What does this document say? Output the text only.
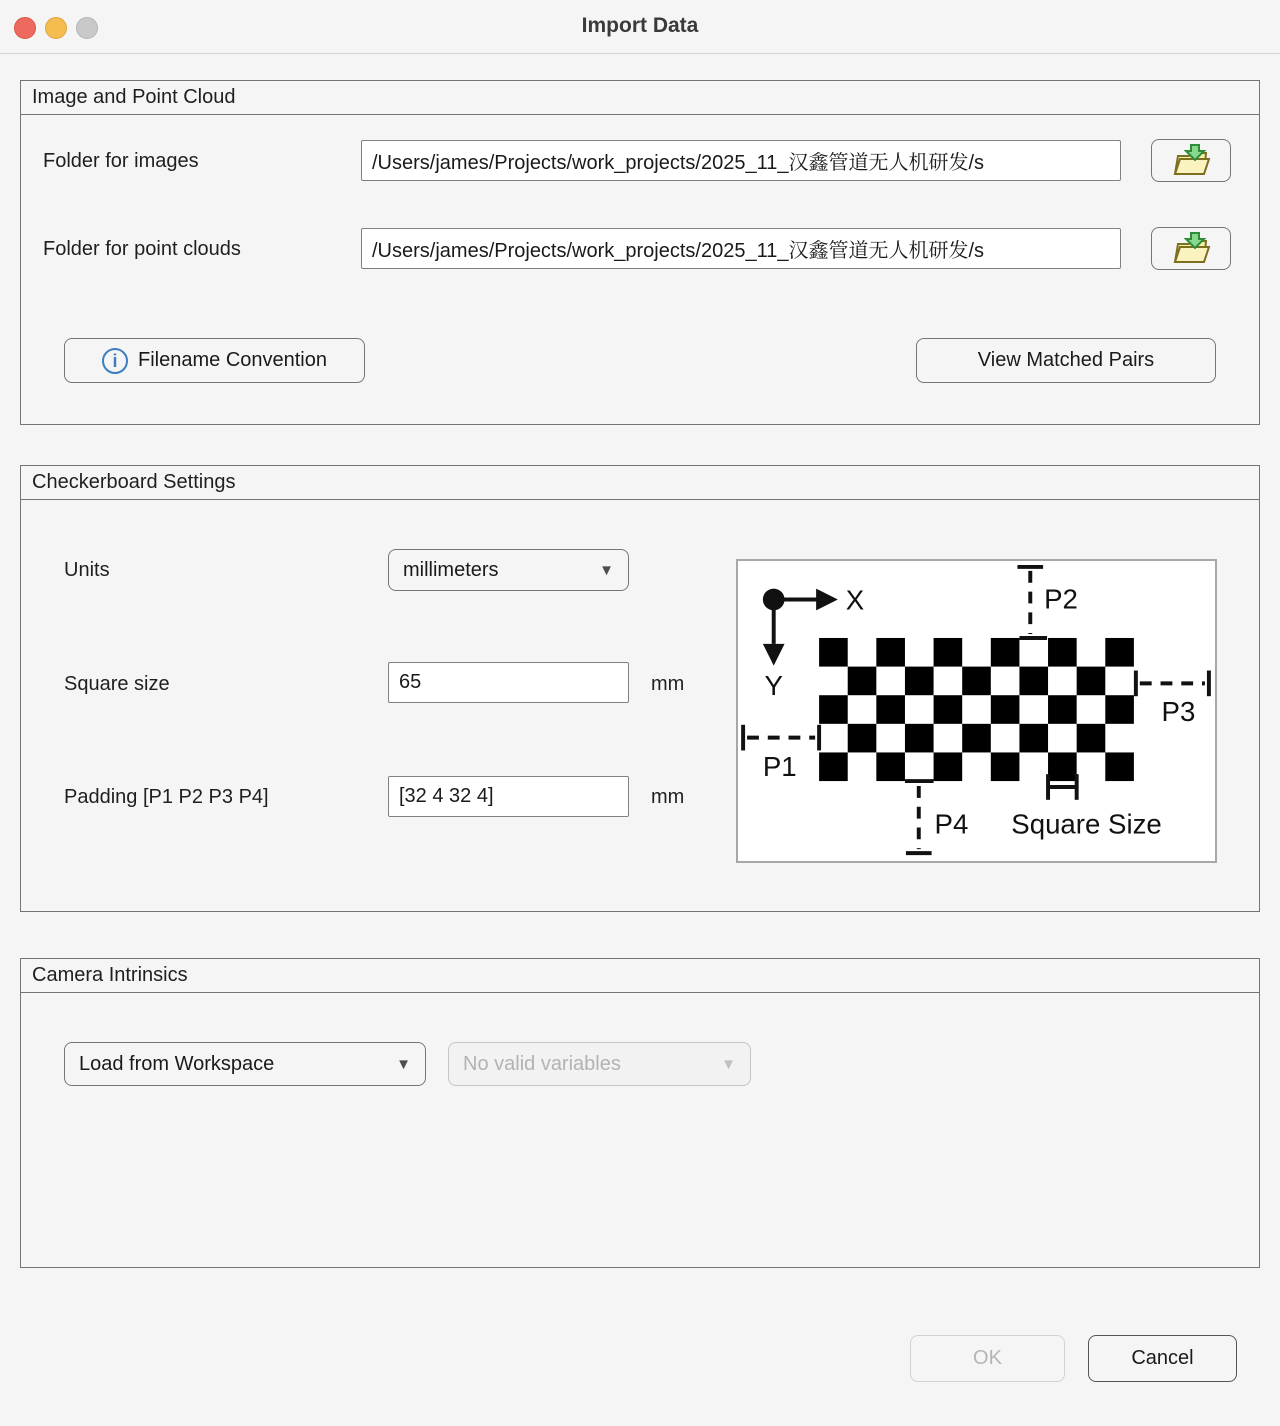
Import Data
Image and Point Cloud
Folder for images
/Users/james/Projects/work_projects/2025_11_汉鑫管道无人机研发/s
Folder for point clouds
/Users/james/Projects/work_projects/2025_11_汉鑫管道无人机研发/s
i	Filename Convention	View Matched Pairs
Checkerboard Settings
Units	millimeters	▼
Square size
65	mm
Padding [P1 P2 P3 P4]
[32 4 32 4]	mm
X
Y
P2
P3
P1
P4 Square Size
Camera Intrinsics
Load from Workspace	▼	No valid variables	▼
OK	Cancel
